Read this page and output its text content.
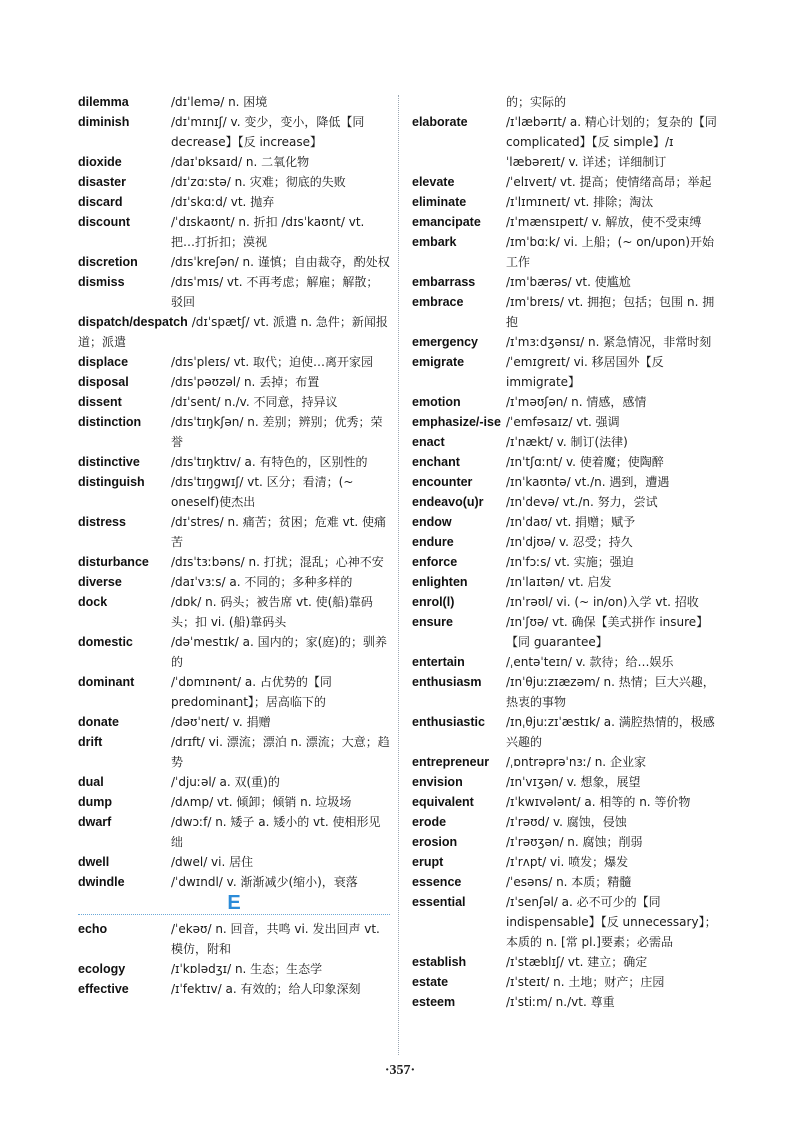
dilemma	/dɪˈlemə/ n. 困境
diminish	/dɪˈmɪnɪʃ/ v. 变少，变小，降低【同 decrease】【反 increase】
dioxide	/daɪˈɒksaɪd/ n. 二氧化物
disaster	/dɪˈzɑːstə/ n. 灾难；彻底的失败
discard	/dɪˈskɑːd/ vt. 抛弃
discount	/ˈdɪskaʊnt/ n. 折扣 /dɪsˈkaʊnt/ vt. 把…打折扣；漠视
discretion	/dɪsˈkreʃən/ n. 谨慎；自由裁夺，酌处权
dismiss	/dɪsˈmɪs/ vt. 不再考虑；解雇；解散；驳回
dispatch/despatch /dɪˈspætʃ/ vt. 派遣 n. 急件；新闻报道；派遣
displace	/dɪsˈpleɪs/ vt. 取代；迫使…离开家园
disposal	/dɪsˈpəʊzəl/ n. 丢掉；布置
dissent	/dɪˈsent/ n./v. 不同意，持异议
distinction /dɪsˈtɪŋkʃən/ n. 差别；辨别；优秀；荣誉
distinctive	/dɪsˈtɪŋktɪv/ a. 有特色的，区别性的
distinguish /dɪsˈtɪŋgwɪʃ/ vt. 区分；看清；(~ oneself)使杰出
distress	/dɪˈstres/ n. 痛苦；贫困；危难 vt. 使痛苦
disturbance /dɪsˈtɜːbəns/ n. 打扰；混乱；心神不安
diverse	/daɪˈvɜːs/ a. 不同的；多种多样的
dock	/dɒk/ n. 码头；被告席 vt. 使(船)靠码头；扣 vi. (船)靠码头
domestic	/dəˈmestɪk/ a. 国内的；家(庭)的；驯养的
dominant	/ˈdɒmɪnənt/ a. 占优势的【同 predominant】；居高临下的
donate	/dəʊˈneɪt/ v. 捐赠
drift	/drɪft/ vi. 漂流；漂泊 n. 漂流；大意；趋势
dual	/ˈdjuːəl/ a. 双(重)的
dump	/dʌmp/ vt. 倾卸；倾销 n. 垃圾场
dwarf	/dwɔːf/ n. 矮子 a. 矮小的 vt. 使相形见绌
dwell	/dwel/ vi. 居住
dwindle	/ˈdwɪndl/ v. 渐渐减少(缩小)，衰落
E
echo	/ˈekəʊ/ n. 回音，共鸣 vi. 发出回声 vt. 模仿，附和
ecology	/ɪˈkɒlədʒɪ/ n. 生态；生态学
effective	/ɪˈfektɪv/ a. 有效的；给人印象深刻
的；实际的
elaborate	/ɪˈlæbərɪt/ a. 精心计划的；复杂的【同 complicated】【反 simple】/ɪˈlæbəreɪt/ v. 详述；详细制订
elevate	/ˈelɪveɪt/ vt. 提高；使情绪高昂；举起
eliminate	/ɪˈlɪmɪneɪt/ vt. 排除；淘汰
emancipate /ɪˈmænsɪpeɪt/ v. 解放，使不受束缚
embark	/ɪmˈbɑːk/ vi. 上船；(~ on/upon)开始工作
embarrass	/ɪmˈbærəs/ vt. 使尴尬
embrace	/ɪmˈbreɪs/ vt. 拥抱；包括；包围 n. 拥抱
emergency /ɪˈmɜːdʒənsɪ/ n. 紧急情况，非常时刻
emigrate	/ˈemɪgreɪt/ vi. 移居国外【反 immigrate】
emotion	/ɪˈməʊʃən/ n. 情感，感情
emphasize/-ise /ˈemfəsaɪz/ vt. 强调
enact	/ɪˈnækt/ v. 制订(法律)
enchant	/ɪnˈtʃɑːnt/ v. 使着魔；使陶醉
encounter	/ɪnˈkaʊntə/ vt./n. 遇到，遭遇
endeavo(u)r /ɪnˈdevə/ vt./n. 努力，尝试
endow	/ɪnˈdaʊ/ vt. 捐赠；赋予
endure	/ɪnˈdjʊə/ v. 忍受；持久
enforce	/ɪnˈfɔːs/ vt. 实施；强迫
enlighten	/ɪnˈlaɪtən/ vt. 启发
enrol(l)	/ɪnˈrəʊl/ vi. (~ in/on)入学 vt. 招收
ensure	/ɪnˈʃʊə/ vt. 确保【美式拼作 insure】【同 guarantee】
entertain	/ˌentəˈteɪn/ v. 款待；给…娱乐
enthusiasm /ɪnˈθjuːzɪæzəm/ n. 热情；巨大兴趣，热衷的事物
enthusiastic /ɪnˌθjuːzɪˈæstɪk/ a. 满腔热情的，极感兴趣的
entrepreneur /ˌɒntrəprəˈnɜː/ n. 企业家
envision	/ɪnˈvɪʒən/ v. 想象，展望
equivalent	/ɪˈkwɪvələnt/ a. 相等的 n. 等价物
erode	/ɪˈrəʊd/ v. 腐蚀，侵蚀
erosion	/ɪˈrəʊʒən/ n. 腐蚀；削弱
erupt	/ɪˈrʌpt/ vi. 喷发；爆发
essence	/ˈesəns/ n. 本质；精髓
essential	/ɪˈsenʃəl/ a. 必不可少的【同 indispensable】【反 unnecessary】；本质的 n. [常 pl.]要素；必需品
establish	/ɪˈstæblɪʃ/ vt. 建立；确定
estate	/ɪˈsteɪt/ n. 土地；财产；庄园
esteem	/ɪˈstiːm/ n./vt. 尊重
·357·
